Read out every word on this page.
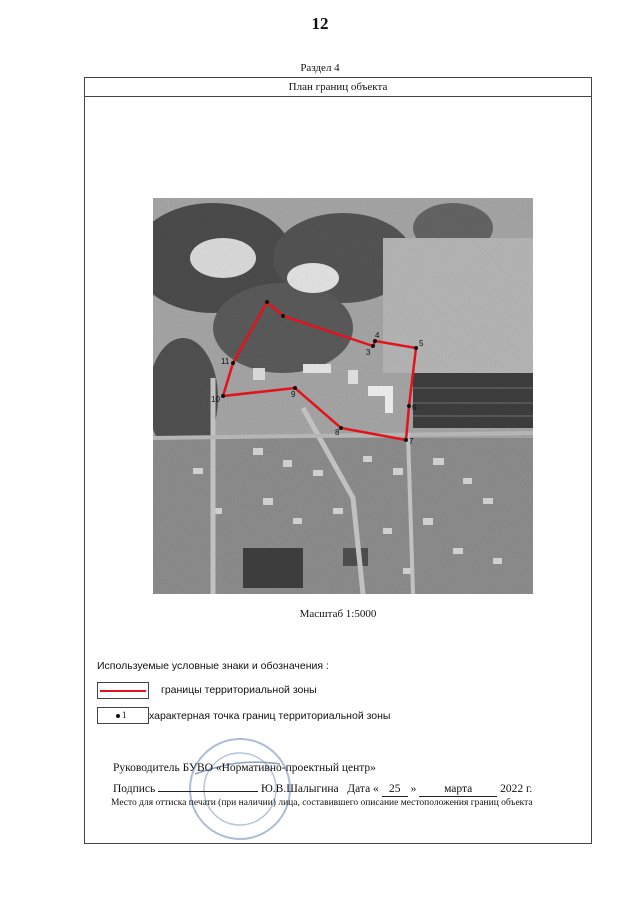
12
Раздел 4
План границ объекта
3
4
5
6
7
8
9
10
11
Масштаб 1:5000
Используемые условные знаки и обозначения :
границы территориальной зоны
1 характерная точка границ территориальной зоны
Руководитель БУВО «Нормативно-проектный центр»
Подпись	Ю.В.Шалыгина Дата « 25 » марта 2022 г.
Место для оттиска печати (при наличии) лица, составившего описание местоположения границ объекта
